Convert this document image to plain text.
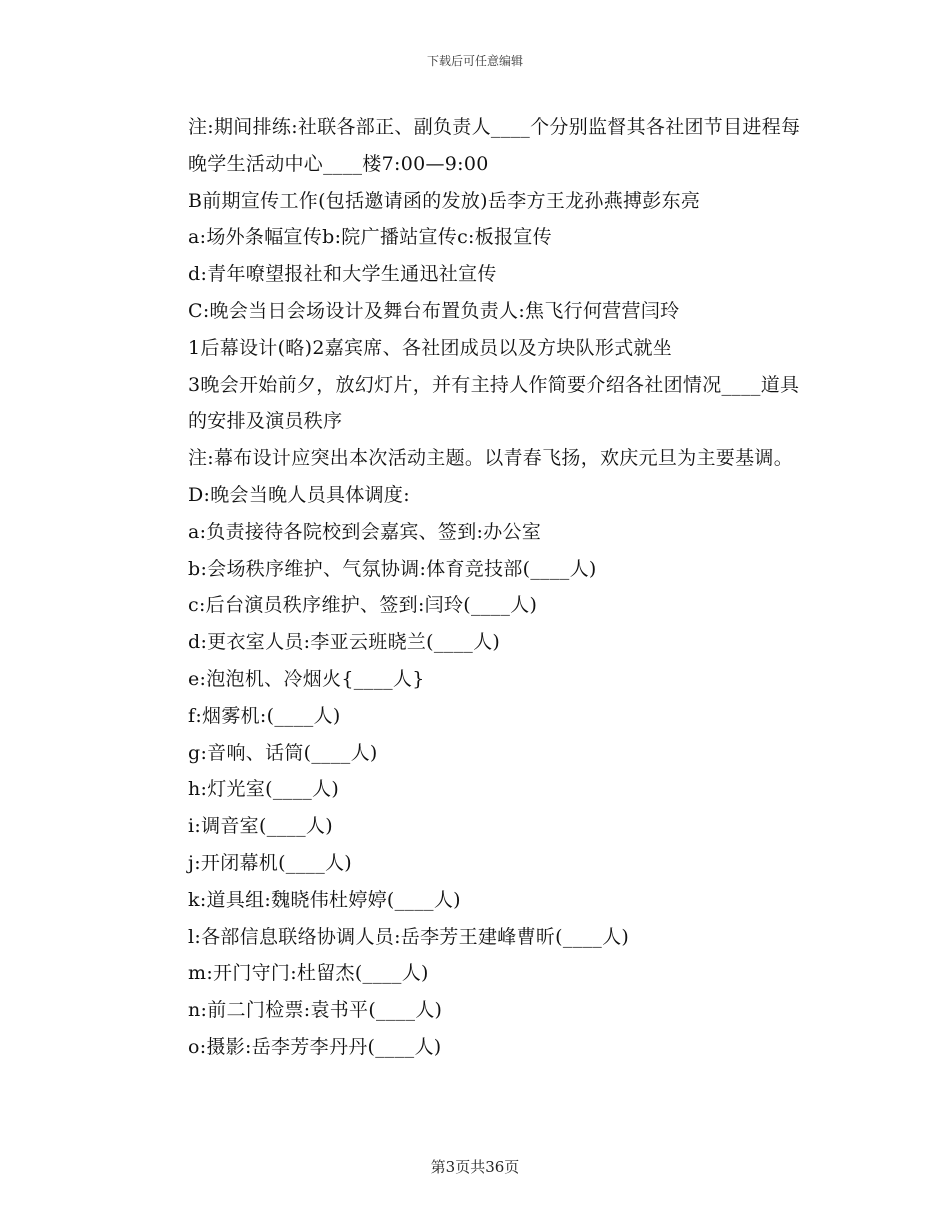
下载后可任意编辑

注:期间排练:社联各部正、副负责人____个分别监督其各社团节目进程每晚学生活动中心____楼7:00—9:00

B前期宣传工作(包括邀请函的发放)岳李方王龙孙燕搏彭东亮

a:场外条幅宣传b:院广播站宣传c:板报宣传

d:青年嘹望报社和大学生通迅社宣传

C:晚会当日会场设计及舞台布置负责人:焦飞行何营营闫玲

1后幕设计(略)2嘉宾席、各社团成员以及方块队形式就坐

3晚会开始前夕，放幻灯片，并有主持人作简要介绍各社团情况____道具的安排及演员秩序

注:幕布设计应突出本次活动主题。以青春飞扬，欢庆元旦为主要基调。

D:晚会当晚人员具体调度:

a:负责接待各院校到会嘉宾、签到:办公室

b:会场秩序维护、气氛协调:体育竞技部(____人)

c:后台演员秩序维护、签到:闫玲(____人)

d:更衣室人员:李亚云班晓兰(____人)

e:泡泡机、冷烟火{____人}

f:烟雾机:(____人)

g:音响、话筒(____人)

h:灯光室(____人)

i:调音室(____人)

j:开闭幕机(____人)

k:道具组:魏晓伟杜婷婷(____人)

l:各部信息联络协调人员:岳李芳王建峰曹昕(____人)

m:开门守门:杜留杰(____人)

n:前二门检票:袁书平(____人)

o:摄影:岳李芳李丹丹(____人)

第3页共36页
